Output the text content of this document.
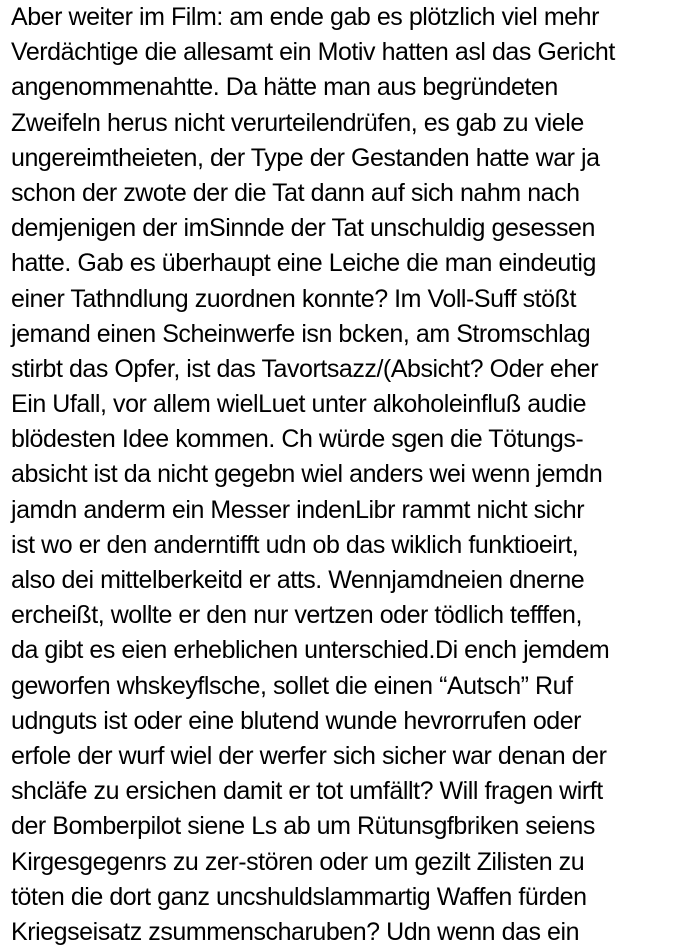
Aber weiter im Film: am ende gab es plötzlich viel mehr
Verdächtige die allesamt ein Motiv hatten asl das Gericht
angenommenahtte. Da hätte man aus begründeten
Zweifeln herus nicht verurteilendrüfen, es gab zu viele
ungereimtheieten, der Type der Gestanden hatte war ja
schon der zwote der die Tat dann auf sich nahm nach
demjenigen der imSinnde der Tat unschuldig gesessen
hatte. Gab es überhaupt eine Leiche die man eindeutig
einer Tathndlung zuordnen konnte? Im Voll-Suff stößt
jemand einen Scheinwerfe isn bcken, am Stromschlag
stirbt das Opfer, ist das Tavortsazz/(Absicht? Oder eher
Ein Ufall, vor allem wielLuet unter alkoholeinfluß audie
blödesten Idee kommen. Ch würde sgen die Tötungs-
absicht ist da nicht gegebn wiel anders wei wenn jemdn
jamdn anderm ein Messer indenLibr rammt nicht sichr
ist wo er den anderntifft udn ob das wiklich funktioeirt,
also dei mittelberkeitd er atts. Wennjamdneien dnerne
ercheißt, wollte er den nur vertzen oder tödlich tefffen,
da gibt es eien erheblichen unterschied.Di ench jemdem
geworfen whskeyflsche, sollet die einen “Autsch” Ruf
udnguts ist oder eine blutend wunde hevrorrufen oder
erfole der wurf wiel der werfer sich sicher war denan der
shcläfe zu ersichen damit er tot umfällt? Will fragen wirft
der Bomberpilot siene Ls ab um Rütunsgfbriken seiens
Kirgesgegenrs zu zer-stören oder um gezilt Zilisten zu
töten die dort ganz uncshuldslammartig Waffen fürden
Kriegseisatz zsummenscharuben? Udn wenn das ein
